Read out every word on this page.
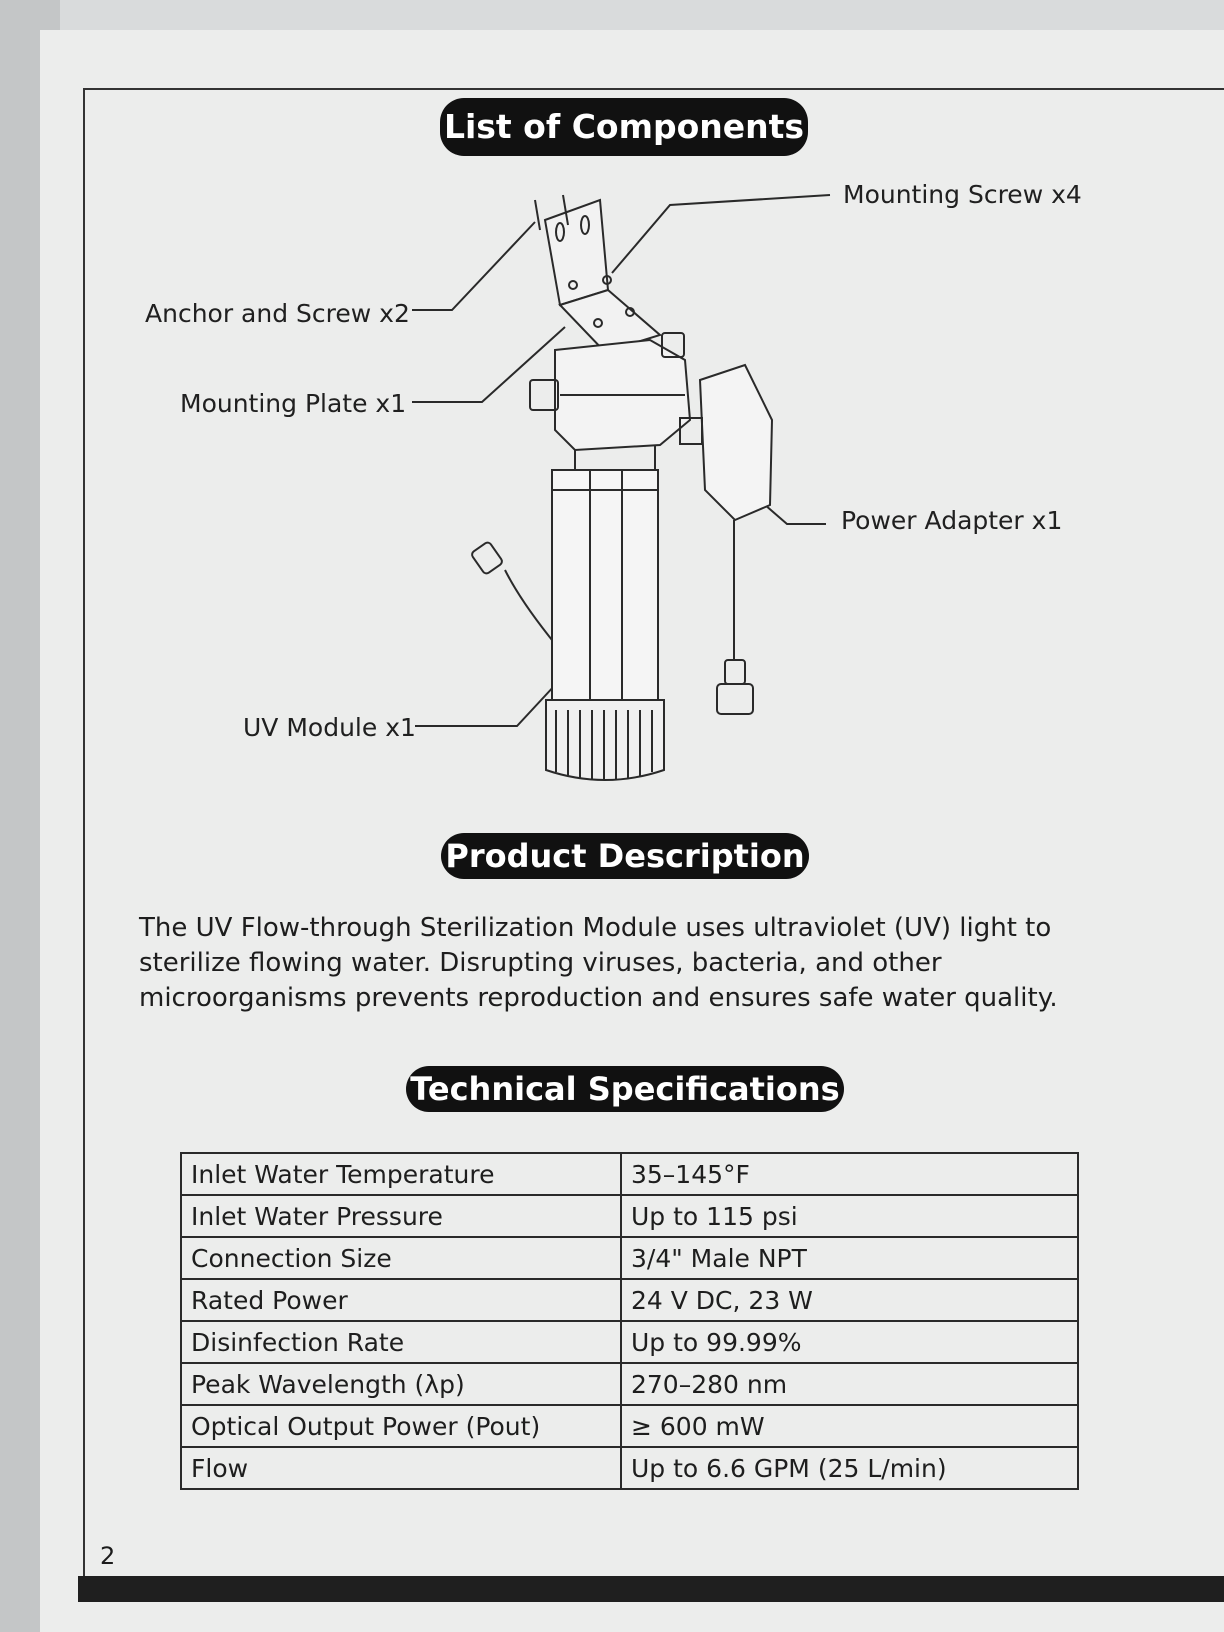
List of Components
Mounting Screw x4
Anchor and Screw x2
Mounting Plate x1
Power Adapter x1
UV Module x1
Product Description
The UV Flow-through Sterilization Module uses ultraviolet (UV) light to sterilize flowing water. Disrupting viruses, bacteria, and other microorganisms prevents reproduction and ensures safe water quality.
Technical Specifications
Inlet Water Temperature	35–145°F
Inlet Water Pressure	Up to 115 psi
Connection Size	3/4" Male NPT
Rated Power	24 V DC, 23 W
Disinfection Rate	Up to 99.99%
Peak Wavelength (λp)	270–280 nm
Optical Output Power (Pout)	≥ 600 mW
Flow	Up to 6.6 GPM (25 L/min)
2
